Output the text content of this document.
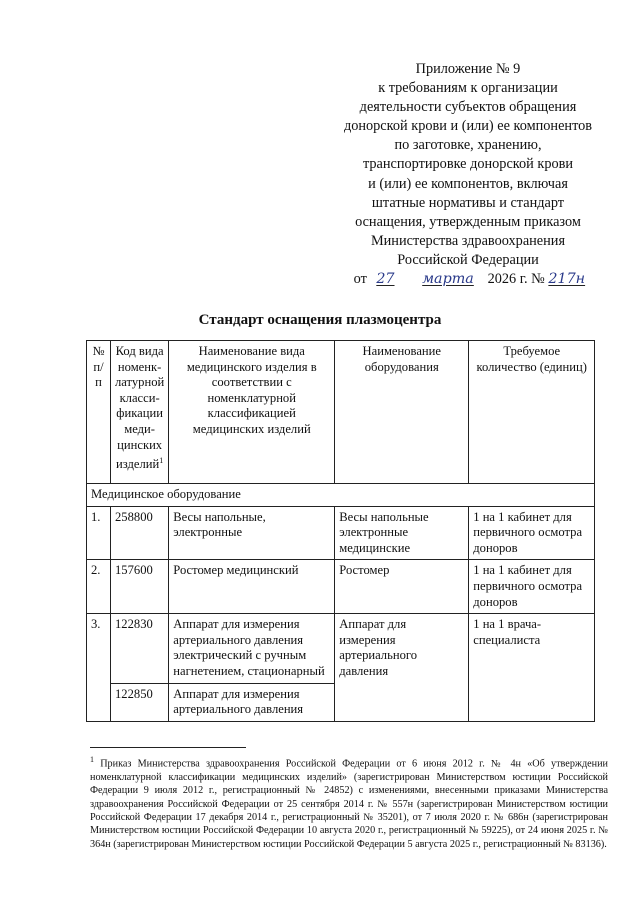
Приложение № 9
к требованиям к организации
деятельности субъектов обращения
донорской крови и (или) ее компонентов
по заготовке, хранению,
транспортировке донорской крови
и (или) ее компонентов, включая
штатные нормативы и стандарт
оснащения, утвержденным приказом
Министерства здравоохранения
Российской Федерации
от 27 марта 2026 г. № 217н
Стандарт оснащения плазмоцентра
№ п/п	Код вида номенк-латурной класси-фикации меди-цинских изделий$^1$	Наименование вида медицинского изделия в соответствии с номенклатурной классификацией медицинских изделий	Наименование оборудования	Требуемое количество (единиц)
Медицинское оборудование				
1.	258800	Весы напольные, электронные	Весы напольные электронные медицинские	1 на 1 кабинет для первичного осмотра доноров
2.	157600	Ростомер медицинский	Ростомер	1 на 1 кабинет для первичного осмотра доноров
3.	122830	Аппарат для измерения артериального давления электрический с ручным нагнетением, стационарный	Аппарат для измерения артериального давления	1 на 1 врача-специалиста
	122850	Аппарат для измерения артериального давления		
$^1$ Приказ Министерства здравоохранения Российской Федерации от 6 июня 2012 г. № 4н «Об утверждении номенклатурной классификации медицинских изделий» (зарегистрирован Министерством юстиции Российской Федерации 9 июля 2012 г., регистрационный № 24852) с изменениями, внесенными приказами Министерства здравоохранения Российской Федерации от 25 сентября 2014 г. № 557н (зарегистрирован Министерством юстиции Российской Федерации 17 декабря 2014 г., регистрационный № 35201), от 7 июля 2020 г. № 686н (зарегистрирован Министерством юстиции Российской Федерации 10 августа 2020 г., регистрационный № 59225), от 24 июня 2025 г. № 364н (зарегистрирован Министерством юстиции Российской Федерации 5 августа 2025 г., регистрационный № 83136).
